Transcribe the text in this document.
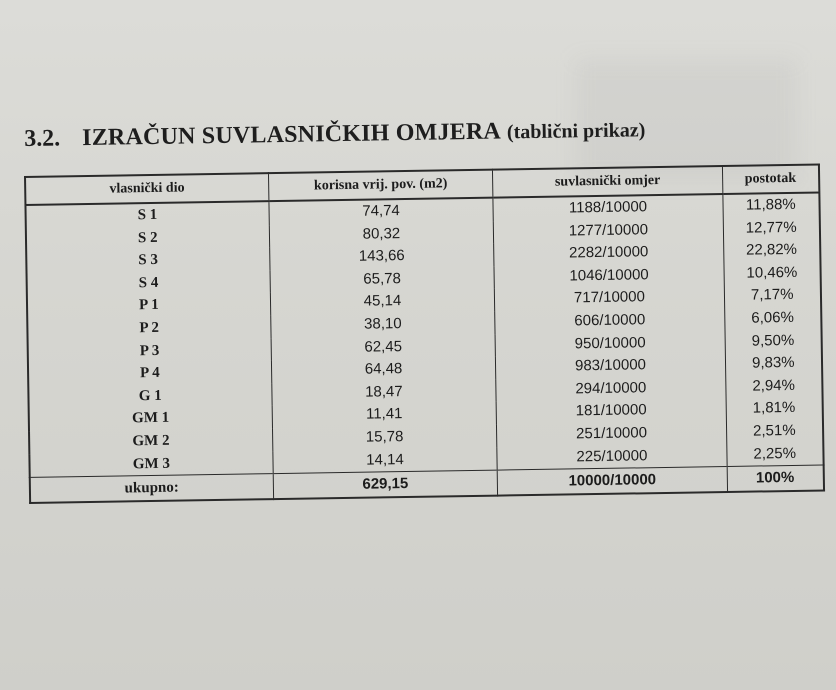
3.2. IZRAČUN SUVLASNIČKIH OMJERA (tablični prikaz)
vlasnički dio	korisna vrij. pov. (m2)	suvlasnički omjer	postotak
S 1	74,74	1188/10000	11,88%
S 2	80,32	1277/10000	12,77%
S 3	143,66	2282/10000	22,82%
S 4	65,78	1046/10000	10,46%
P 1	45,14	717/10000	7,17%
P 2	38,10	606/10000	6,06%
P 3	62,45	950/10000	9,50%
P 4	64,48	983/10000	9,83%
G 1	18,47	294/10000	2,94%
GM 1	11,41	181/10000	1,81%
GM 2	15,78	251/10000	2,51%
GM 3	14,14	225/10000	2,25%
ukupno:	629,15	10000/10000	100%
